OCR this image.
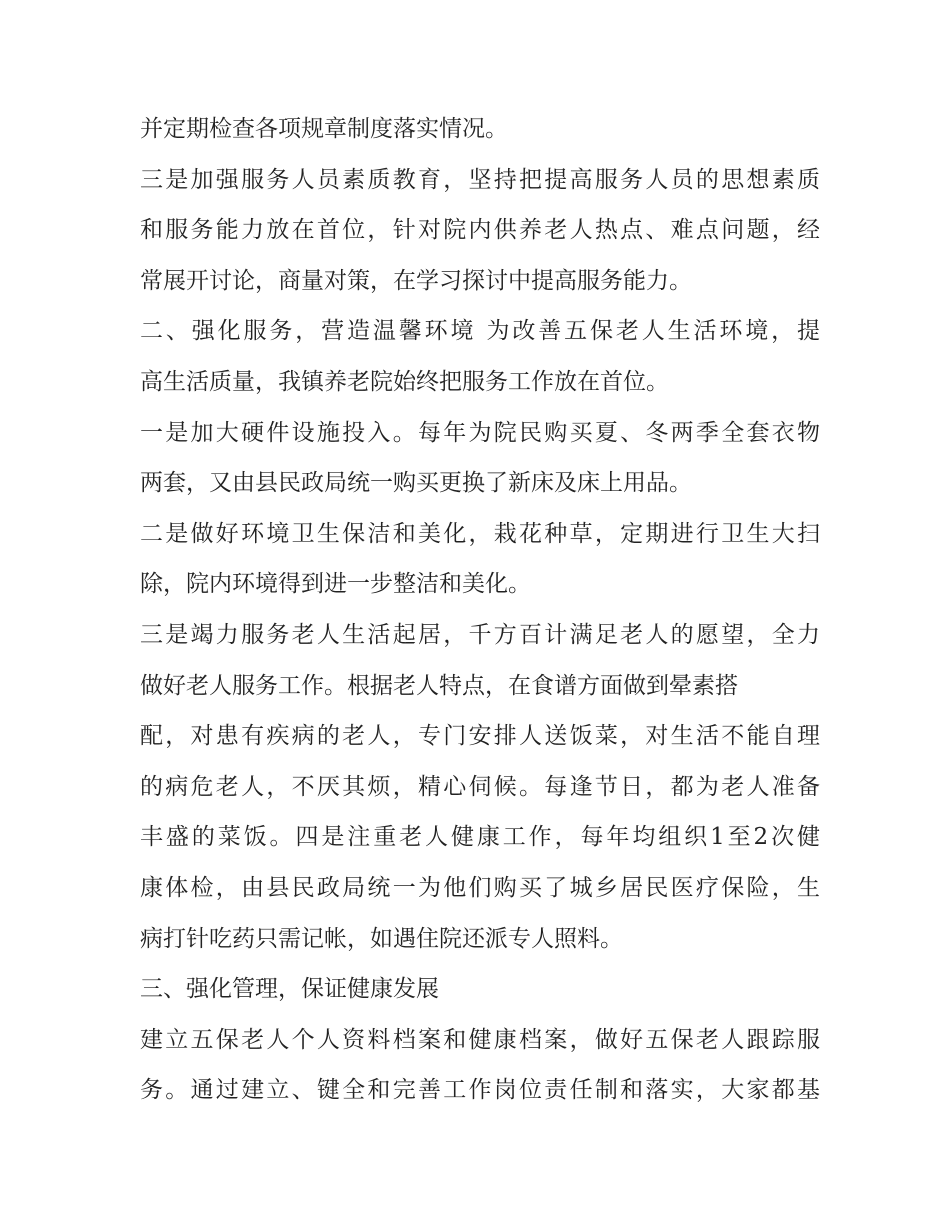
并定期检查各项规章制度落实情况。
三是加强服务人员素质教育，坚持把提高服务人员的思想素质
和服务能力放在首位，针对院内供养老人热点、难点问题，经
常展开讨论，商量对策，在学习探讨中提高服务能力。
二、强化服务，营造温馨环境 为改善五保老人生活环境，提
高生活质量，我镇养老院始终把服务工作放在首位。
一是加大硬件设施投入。每年为院民购买夏、冬两季全套衣物
两套，又由县民政局统一购买更换了新床及床上用品。
二是做好环境卫生保洁和美化，栽花种草，定期进行卫生大扫
除，院内环境得到进一步整洁和美化。
三是竭力服务老人生活起居，千方百计满足老人的愿望，全力
做好老人服务工作。根据老人特点，在食谱方面做到晕素搭
配，对患有疾病的老人，专门安排人送饭菜，对生活不能自理
的病危老人，不厌其烦，精心伺候。每逢节日，都为老人准备
丰盛的菜饭。四是注重老人健康工作，每年均组织1至2次健
康体检，由县民政局统一为他们购买了城乡居民医疗保险，生
病打针吃药只需记帐，如遇住院还派专人照料。
三、强化管理，保证健康发展
建立五保老人个人资料档案和健康档案，做好五保老人跟踪服
务。通过建立、键全和完善工作岗位责任制和落实，大家都基
